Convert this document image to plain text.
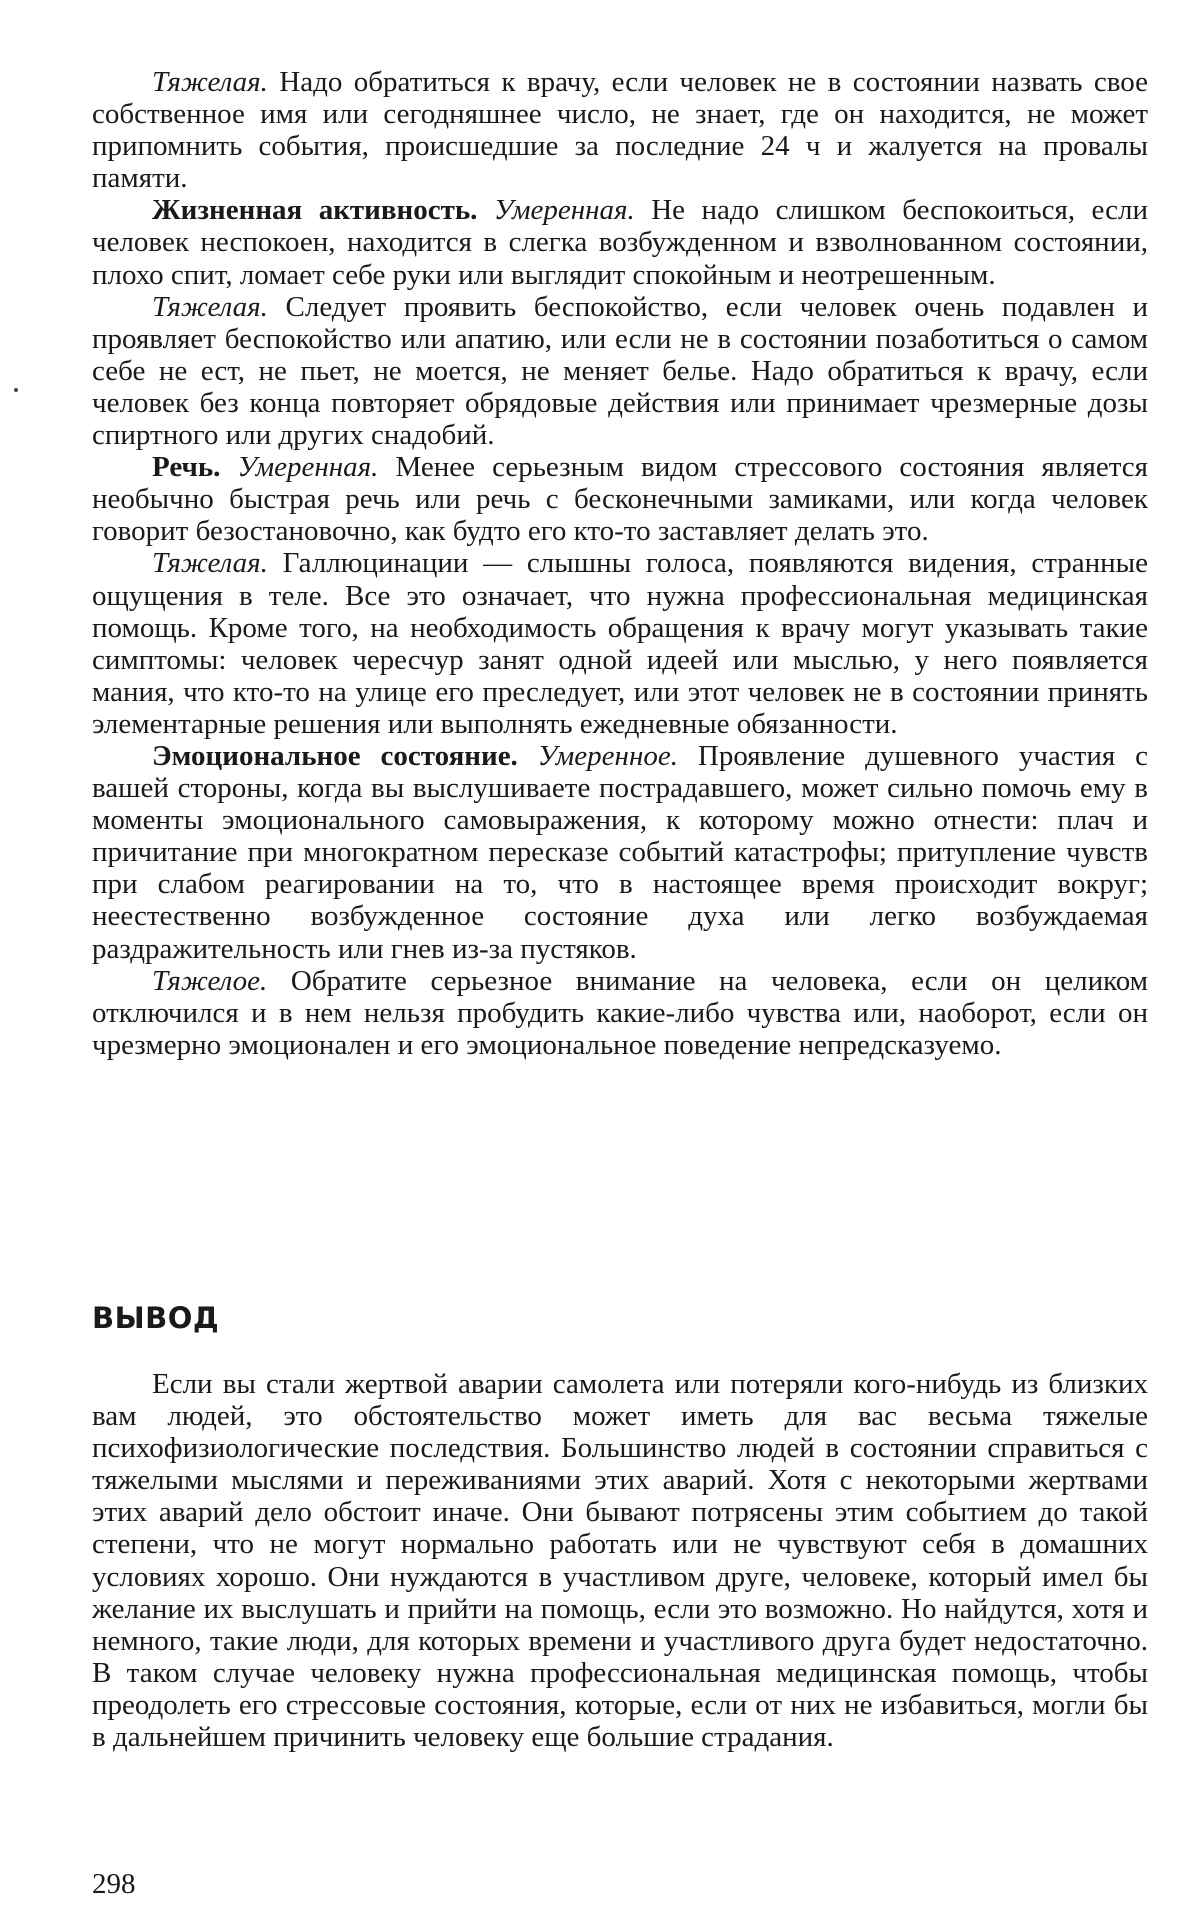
Тяжелая. Надо обратиться к врачу, если человек не в состоянии назвать свое собственное имя или сегодняшнее число, не знает, где он находится, не может припомнить события, происшедшие за последние 24 ч и жалуется на провалы памяти.

Жизненная активность. Умеренная. Не надо слишком беспокоиться, если человек неспокоен, находится в слегка возбужденном и взволнованном состоянии, плохо спит, ломает себе руки или выглядит спокойным и неотрешенным.

Тяжелая. Следует проявить беспокойство, если человек очень подавлен и проявляет беспокойство или апатию, или если не в состоянии позаботиться о самом себе не ест, не пьет, не моется, не меняет белье. Надо обратиться к врачу, если человек без конца повторяет обрядовые действия или принимает чрезмерные дозы спиртного или других снадобий.

Речь. Умеренная. Менее серьезным видом стрессового состояния является необычно быстрая речь или речь с бесконечными замиками, или когда человек говорит безостановочно, как будто его кто-то заставляет делать это.

Тяжелая. Галлюцинации — слышны голоса, появляются видения, странные ощущения в теле. Все это означает, что нужна профессиональная медицинская помощь. Кроме того, на необходимость обращения к врачу могут указывать такие симптомы: человек чересчур занят одной идеей или мыслью, у него появляется мания, что кто-то на улице его преследует, или этот человек не в состоянии принять элементарные решения или выполнять ежедневные обязанности.

Эмоциональное состояние. Умеренное. Проявление душевного участия с вашей стороны, когда вы выслушиваете пострадавшего, может сильно помочь ему в моменты эмоционального самовыражения, к которому можно отнести: плач и причитание при многократном пересказе событий катастрофы; притупление чувств при слабом реагировании на то, что в настоящее время происходит вокруг; неестественно возбужденное состояние духа или легко возбуждаемая раздражительность или гнев из-за пустяков.

Тяжелое. Обратите серьезное внимание на человека, если он целиком отключился и в нем нельзя пробудить какие-либо чувства или, наоборот, если он чрезмерно эмоционален и его эмоциональное поведение непредсказуемо.

ВЫВОД

Если вы стали жертвой аварии самолета или потеряли кого-нибудь из близких вам людей, это обстоятельство может иметь для вас весьма тяжелые психофизиологические последствия. Большинство людей в состоянии справиться с тяжелыми мыслями и переживаниями этих аварий. Хотя с некоторыми жертвами этих аварий дело обстоит иначе. Они бывают потрясены этим событием до такой степени, что не могут нормально работать или не чувствуют себя в домашних условиях хорошо. Они нуждаются в участливом друге, человеке, который имел бы желание их выслушать и прийти на помощь, если это возможно. Но найдутся, хотя и немного, такие люди, для которых времени и участливого друга будет недостаточно. В таком случае человеку нужна профессиональная медицинская помощь, чтобы преодолеть его стрессовые состояния, которые, если от них не избавиться, могли бы в дальнейшем причинить человеку еще большие страдания.

298
